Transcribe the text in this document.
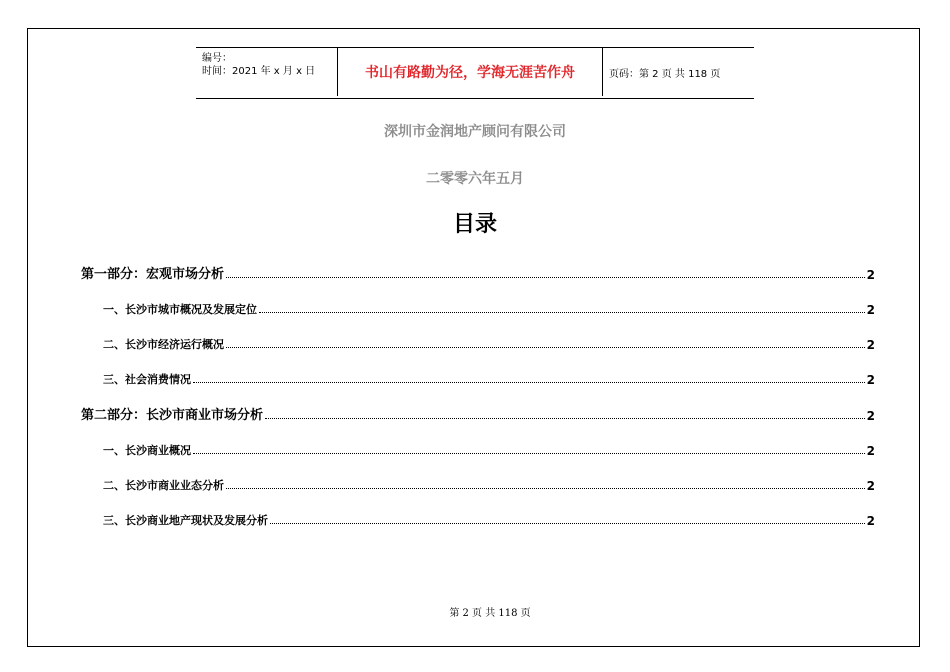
编号：
时间：2021 年 x 月 x 日	书山有路勤为径，学海无涯苦作舟	页码：第 2 页 共 118 页
深圳市金润地产顾问有限公司
二零零六年五月
目录
第一部分：宏观市场分析	2
一、长沙市城市概况及发展定位	2
二、长沙市经济运行概况	2
三、社会消费情况	2
第二部分：长沙市商业市场分析	2
一、长沙商业概况	2
二、长沙市商业业态分析	2
三、长沙商业地产现状及发展分析	2
第 2 页 共 118 页
